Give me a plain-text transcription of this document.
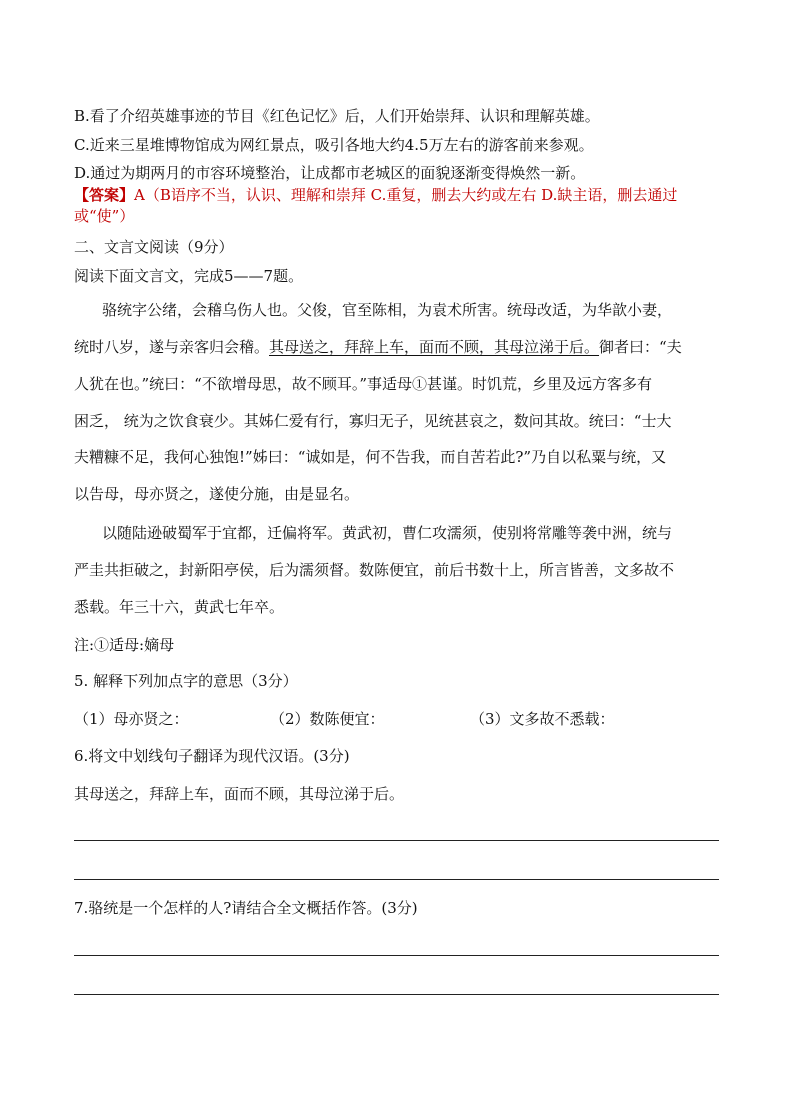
B.看了介绍英雄事迹的节目《红色记忆》后，人们开始崇拜、认识和理解英雄。
C.近来三星堆博物馆成为网红景点，吸引各地大约4.5万左右的游客前来参观。
D.通过为期两月的市容环境整治，让成都市老城区的面貌逐渐变得焕然一新。
【答案】A（B语序不当，认识、理解和崇拜 C.重复，删去大约或左右 D.缺主语，删去通过
或“使”）
二、文言文阅读（9分）
阅读下面文言文，完成5——7题。
骆统字公绪，会稽乌伤人也。父俊，官至陈相，为袁术所害。统母改适，为华歆小妻，
统时八岁，遂与亲客归会稽。其母送之，拜辞上车，面而不顾，其母泣涕于后。御者曰：“夫
人犹在也。”统曰：“不欲增母思，故不顾耳。”事适母①甚谨。时饥荒，乡里及远方客多有
困乏， 统为之饮食衰少。其姊仁爱有行，寡归无子，见统甚哀之，数问其故。统曰：“士大
夫糟糠不足，我何心独饱!”姊曰：“诚如是，何不告我，而自苦若此?”乃自以私粟与统，又
以告母，母亦贤之，遂使分施，由是显名。
以随陆逊破蜀军于宜都，迁偏将军。黄武初，曹仁攻濡须，使别将常雕等袭中洲，统与
严圭共拒破之，封新阳亭侯，后为濡须督。数陈便宜，前后书数十上，所言皆善，文多故不
悉载。年三十六，黄武七年卒。
注:①适母:嫡母
5. 解释下列加点字的意思（3分）
（1）母亦贤之：	（2）数陈便宜：	（3）文多故不悉载：
6.将文中划线句子翻译为现代汉语。(3分)
其母送之，拜辞上车，面而不顾，其母泣涕于后。
7.骆统是一个怎样的人?请结合全文概括作答。(3分)
